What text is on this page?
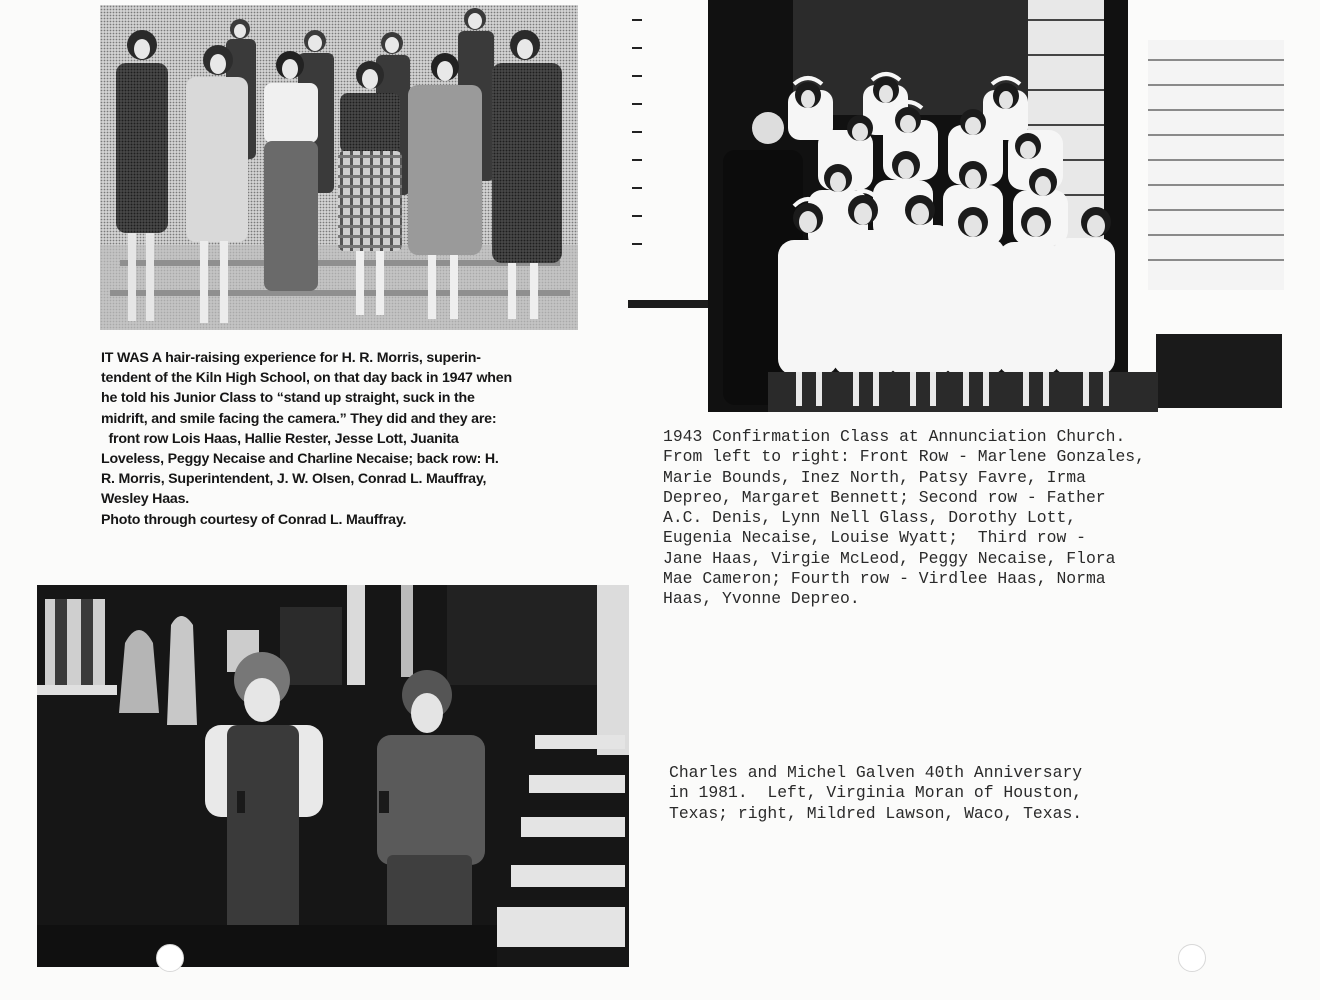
IT WAS A hair-raising experience for H. R. Morris, superin-

tendent of the Kiln High School, on that day back in 1947 when

he told his Junior Class to “stand up straight, suck in the

midrift, and smile facing the camera.” They did and they are:

front row Lois Haas, Hallie Rester, Jesse Lott, Juanita

Loveless, Peggy Necaise and Charline Necaise; back row: H.

R. Morris, Superintendent, J. W. Olsen, Conrad L. Mauffray,

Wesley Haas.

Photo through courtesy of Conrad L. Mauffray.

1943 Confirmation Class at Annunciation Church.
From left to right: Front Row - Marlene Gonzales,
Marie Bounds, Inez North, Patsy Favre, Irma
Depreo, Margaret Bennett; Second row - Father
A.C. Denis, Lynn Nell Glass, Dorothy Lott,
Eugenia Necaise, Louise Wyatt;  Third row -
Jane Haas, Virgie McLeod, Peggy Necaise, Flora
Mae Cameron; Fourth row - Virdlee Haas, Norma
Haas, Yvonne Depreo.
Charles and Michel Galven 40th Anniversary
in 1981.  Left, Virginia Moran of Houston,
Texas; right, Mildred Lawson, Waco, Texas.
